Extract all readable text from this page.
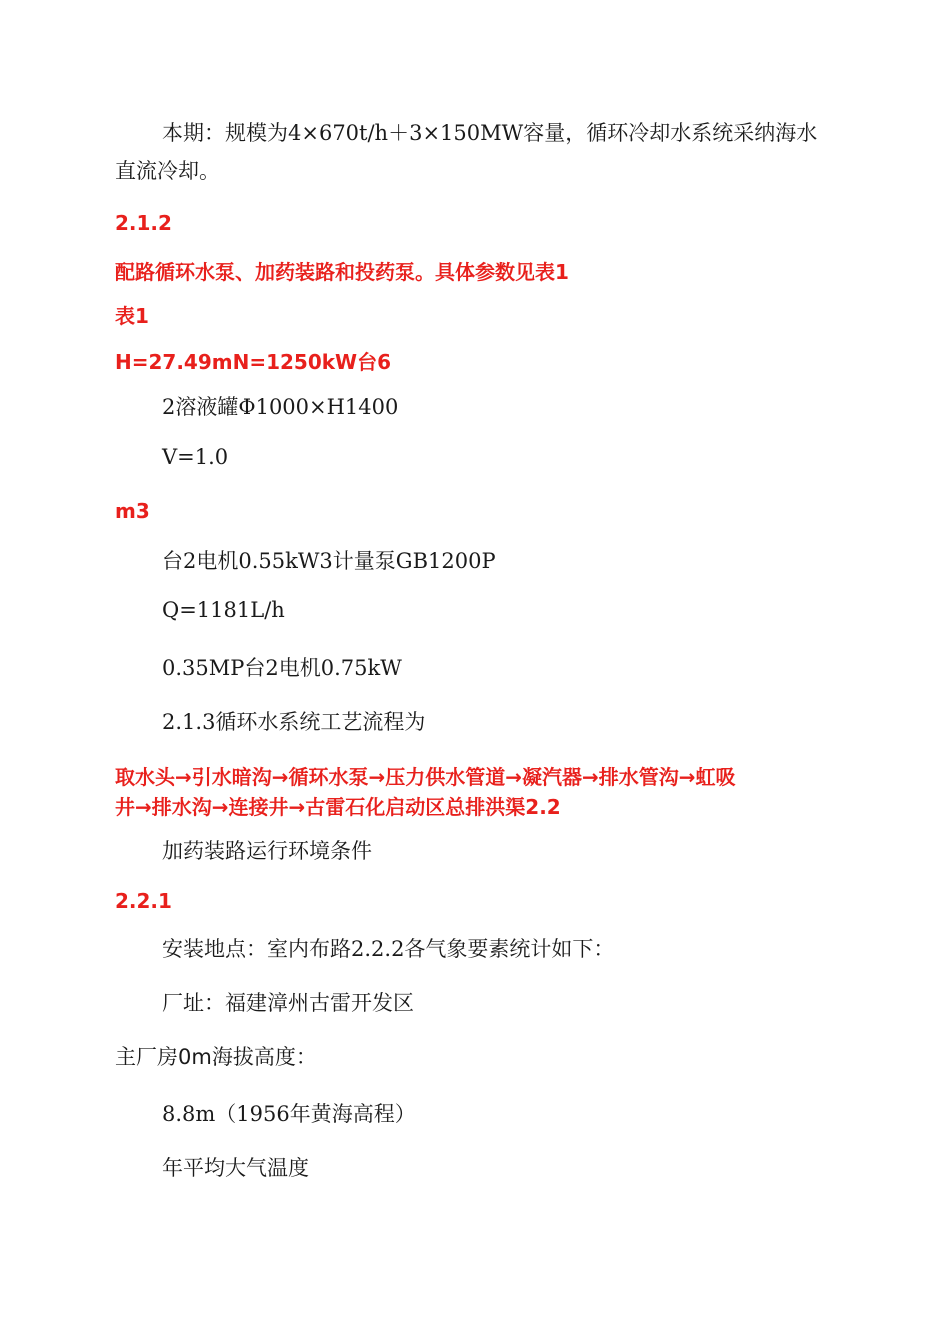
本期：规模为4×670t/h＋3×150MW容量，循环冷却水系统采纳海水
直流冷却。
2.1.2
配路循环水泵、加药装路和投药泵。具体参数见表1
表1
H=27.49mN=1250kW台6
2溶液罐Φ1000×H1400
V=1.0
m3
台2电机0.55kW3计量泵GB1200P
Q=1181L/h
0.35MP台2电机0.75kW
2.1.3循环水系统工艺流程为
取水头→引水暗沟→循环水泵→压力供水管道→凝汽器→排水管沟→虹吸
井→排水沟→连接井→古雷石化启动区总排洪渠2.2
加药装路运行环境条件
2.2.1
安装地点：室内布路2.2.2各气象要素统计如下：
厂址：福建漳州古雷开发区
主厂房0m海拔高度：
8.8m（1956年黄海高程）
年平均大气温度
